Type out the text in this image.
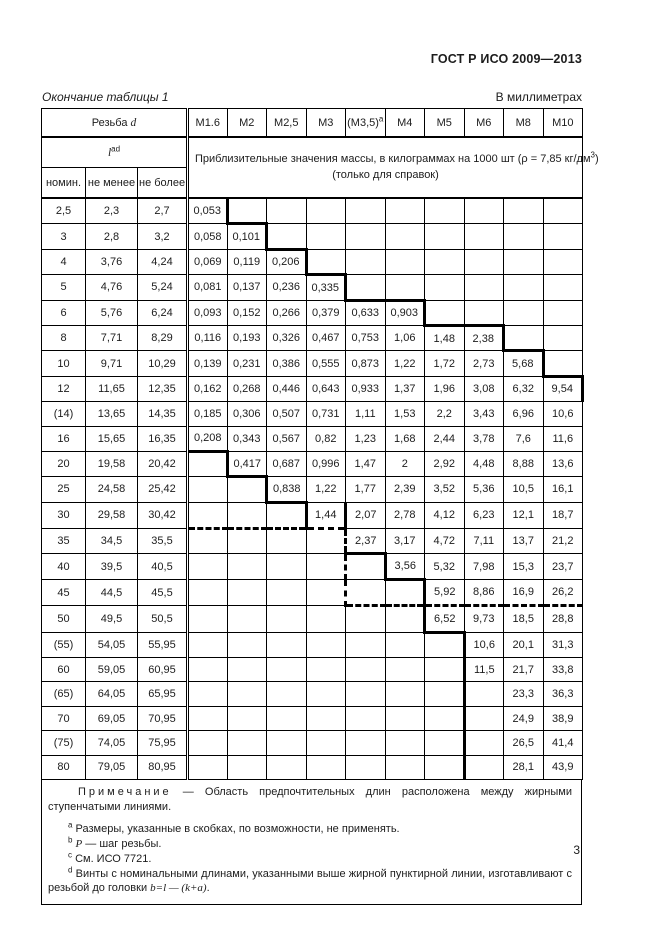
ГОСТ Р ИСО 2009—2013
Окончание таблицы 1	В миллиметрах
Резьба d			М1.6	М2	М2,5	М3	$(М3,5)^a$	М4	М5	М6	М8	М10
$l^{ad}$			Приблизительные значения массы, в килограммах на 1000 шт (ρ = 7,85 $кг/дм^3$)
(только для справок)									
номин.	не менее	не более										
2,5	2,3	2,7	0,053									
3	2,8	3,2	0,058	0,101								
4	3,76	4,24	0,069	0,119	0,206							
5	4,76	5,24	0,081	0,137	0,236	0,335						
6	5,76	6,24	0,093	0,152	0,266	0,379	0,633	0,903				
8	7,71	8,29	0,116	0,193	0,326	0,467	0,753	1,06	1,48	2,38		
10	9,71	10,29	0,139	0,231	0,386	0,555	0,873	1,22	1,72	2,73	5,68	
12	11,65	12,35	0,162	0,268	0,446	0,643	0,933	1,37	1,96	3,08	6,32	9,54
(14)	13,65	14,35	0,185	0,306	0,507	0,731	1,11	1,53	2,2	3,43	6,96	10,6
16	15,65	16,35	0,208	0,343	0,567	0,82	1,23	1,68	2,44	3,78	7,6	11,6
20	19,58	20,42		0,417	0,687	0,996	1,47	2	2,92	4,48	8,88	13,6
25	24,58	25,42			0,838	1,22	1,77	2,39	3,52	5,36	10,5	16,1
30	29,58	30,42				1,44	2,07	2,78	4,12	6,23	12,1	18,7
35	34,5	35,5					2,37	3,17	4,72	7,11	13,7	21,2
40	39,5	40,5						3,56	5,32	7,98	15,3	23,7
45	44,5	45,5							5,92	8,86	16,9	26,2
50	49,5	50,5							6,52	9,73	18,5	28,8
(55)	54,05	55,95								10,6	20,1	31,3
60	59,05	60,95								11,5	21,7	33,8
(65)	64,05	65,95									23,3	36,3
70	69,05	70,95									24,9	38,9
(75)	74,05	75,95									26,5	41,4
80	79,05	80,95									28,1	43,9

Примечание — Область предпочтительных длин расположена между жирными ступенчатыми линиями.

$^a$ Размеры, указанные в скобках, по возможности, не применять.

$^b$ P — шаг резьбы.

$^c$ См. ИСО 7721.

$^d$ Винты с номинальными длинами, указанными выше жирной пунктирной линии, изготавливают с резьбой до головки b=l — (k+a).

3
